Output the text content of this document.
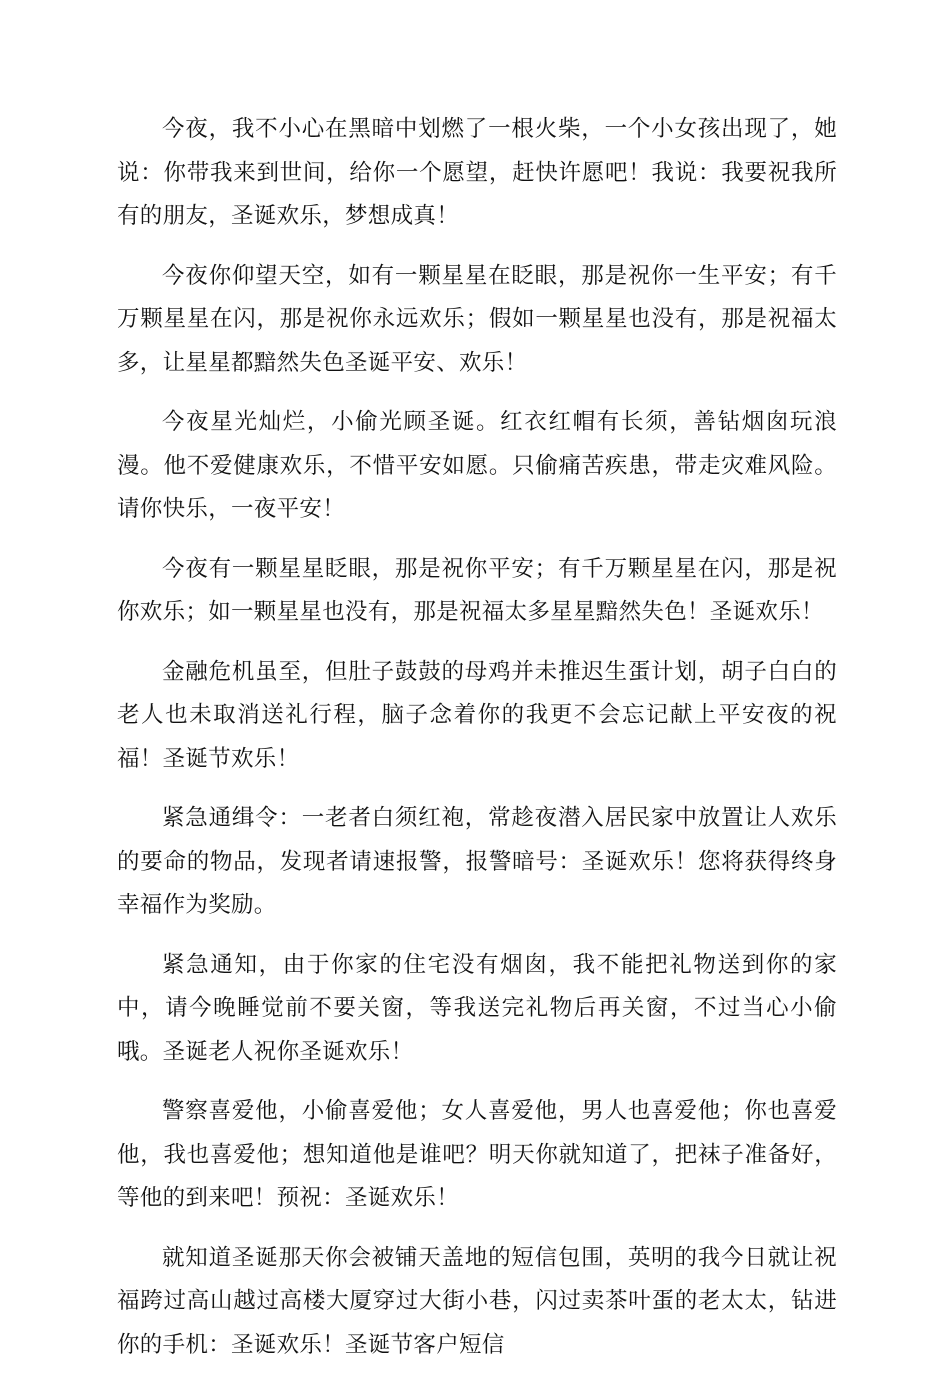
今夜，我不小心在黑暗中划燃了一根火柴，一个小女孩出现了，她说：你带我来到世间，给你一个愿望，赶快许愿吧！我说：我要祝我所有的朋友，圣诞欢乐，梦想成真！

今夜你仰望天空，如有一颗星星在眨眼，那是祝你一生平安；有千万颗星星在闪，那是祝你永远欢乐；假如一颗星星也没有，那是祝福太多，让星星都黯然失色圣诞平安、欢乐！

今夜星光灿烂，小偷光顾圣诞。红衣红帽有长须，善钻烟囱玩浪漫。他不爱健康欢乐，不惜平安如愿。只偷痛苦疾患，带走灾难风险。请你快乐，一夜平安！

今夜有一颗星星眨眼，那是祝你平安；有千万颗星星在闪，那是祝你欢乐；如一颗星星也没有，那是祝福太多星星黯然失色！圣诞欢乐！

金融危机虽至，但肚子鼓鼓的母鸡并未推迟生蛋计划，胡子白白的老人也未取消送礼行程，脑子念着你的我更不会忘记献上平安夜的祝福！圣诞节欢乐！

紧急通缉令：一老者白须红袍，常趁夜潜入居民家中放置让人欢乐的要命的物品，发现者请速报警，报警暗号：圣诞欢乐！您将获得终身幸福作为奖励。

紧急通知，由于你家的住宅没有烟囱，我不能把礼物送到你的家中，请今晚睡觉前不要关窗，等我送完礼物后再关窗，不过当心小偷哦。圣诞老人祝你圣诞欢乐！

警察喜爱他，小偷喜爱他；女人喜爱他，男人也喜爱他；你也喜爱他，我也喜爱他；想知道他是谁吧？明天你就知道了，把袜子准备好，等他的到来吧！预祝：圣诞欢乐！

就知道圣诞那天你会被铺天盖地的短信包围，英明的我今日就让祝福跨过高山越过高楼大厦穿过大街小巷，闪过卖茶叶蛋的老太太，钻进你的手机：圣诞欢乐！圣诞节客户短信
